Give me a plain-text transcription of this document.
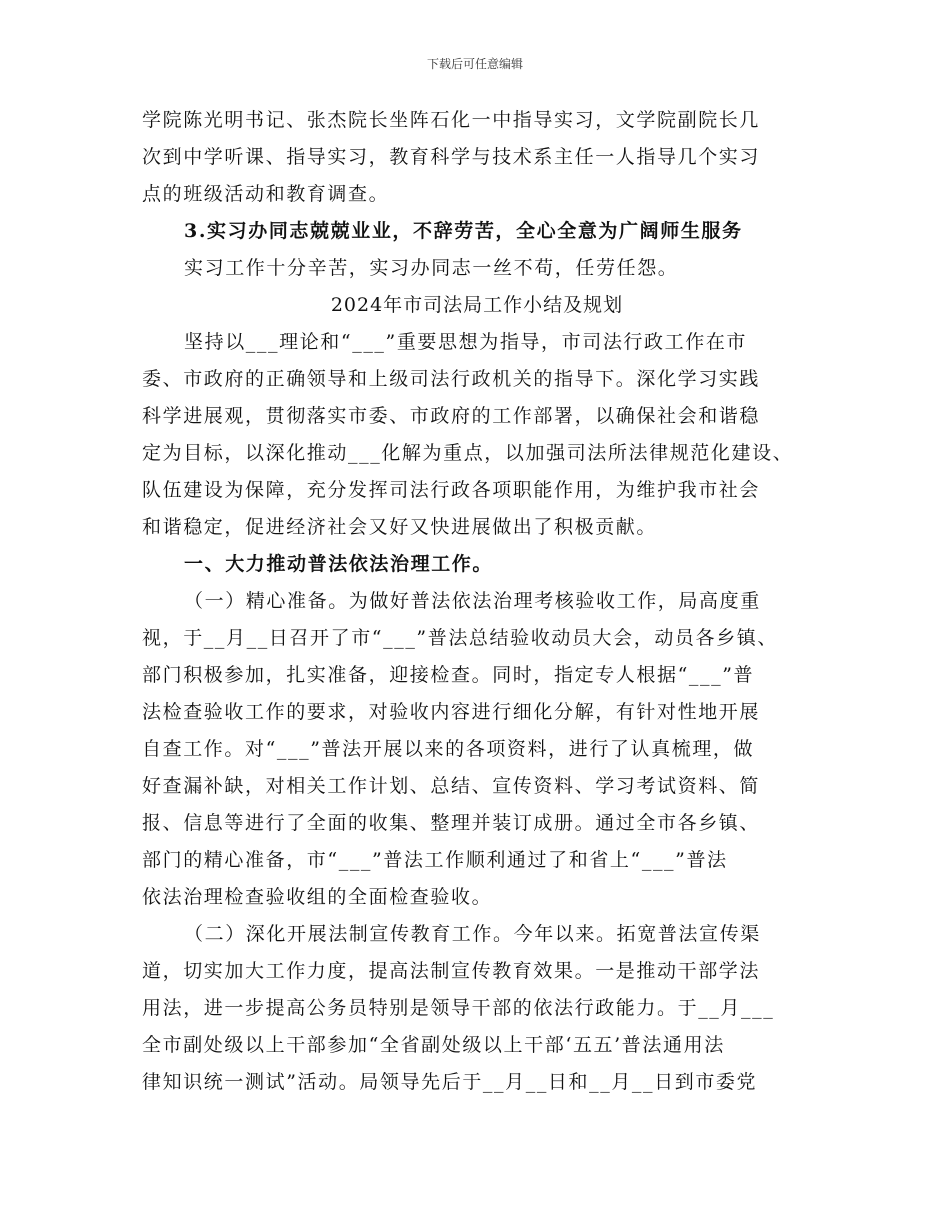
下载后可任意编辑
学院陈光明书记、张杰院长坐阵石化一中指导实习，文学院副院长几
次到中学听课、指导实习，教育科学与技术系主任一人指导几个实习
点的班级活动和教育调查。
3.实习办同志兢兢业业，不辞劳苦，全心全意为广阔师生服务
实习工作十分辛苦，实习办同志一丝不苟，任劳任怨。
2024年市司法局工作小结及规划
坚持以___理论和“___”重要思想为指导，市司法行政工作在市
委、市政府的正确领导和上级司法行政机关的指导下。深化学习实践
科学进展观，贯彻落实市委、市政府的工作部署，以确保社会和谐稳
定为目标，以深化推动___化解为重点，以加强司法所法律规范化建设、
队伍建设为保障，充分发挥司法行政各项职能作用，为维护我市社会
和谐稳定，促进经济社会又好又快进展做出了积极贡献。
一、大力推动普法依法治理工作。
（一）精心准备。为做好普法依法治理考核验收工作，局高度重
视，于__月__日召开了市“___”普法总结验收动员大会，动员各乡镇、
部门积极参加，扎实准备，迎接检查。同时，指定专人根据“___”普
法检查验收工作的要求，对验收内容进行细化分解，有针对性地开展
自查工作。对“___”普法开展以来的各项资料，进行了认真梳理，做
好查漏补缺，对相关工作计划、总结、宣传资料、学习考试资料、简
报、信息等进行了全面的收集、整理并装订成册。通过全市各乡镇、
部门的精心准备，市“___”普法工作顺利通过了和省上“___”普法
依法治理检查验收组的全面检查验收。
（二）深化开展法制宣传教育工作。今年以来。拓宽普法宣传渠
道，切实加大工作力度，提高法制宣传教育效果。一是推动干部学法
用法，进一步提高公务员特别是领导干部的依法行政能力。于__月___
全市副处级以上干部参加“全省副处级以上干部‘五五’普法通用法
律知识统一测试”活动。局领导先后于__月__日和__月__日到市委党
